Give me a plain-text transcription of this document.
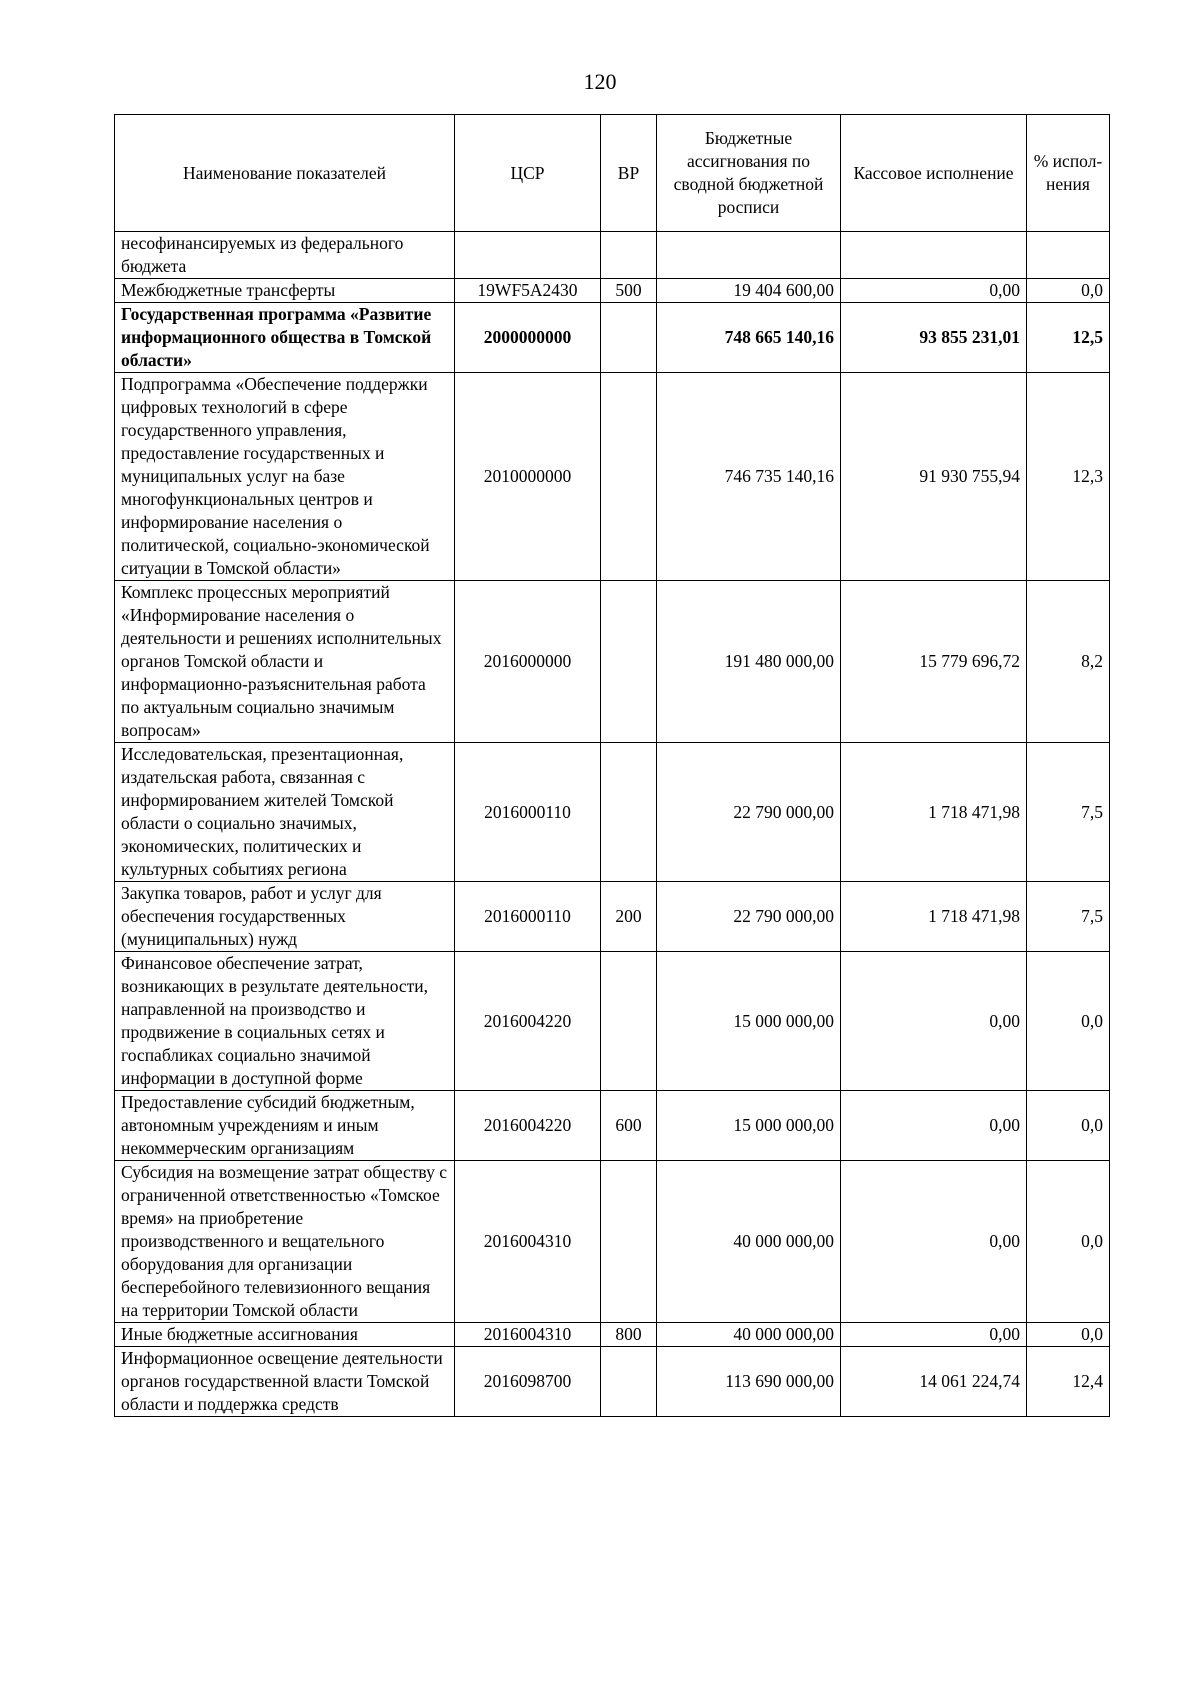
120
Наименование показателей	ЦСР	ВР	Бюджетные ассигнования по сводной бюджетной росписи	Кассовое исполнение	% испол-нения
несофинансируемых из федерального бюджета					
Межбюджетные трансферты	19WF5A2430	500	19 404 600,00	0,00	0,0
Государственная программа «Развитие информационного общества в Томской области»	2000000000		748 665 140,16	93 855 231,01	12,5
Подпрограмма «Обеспечение поддержки цифровых технологий в сфере государственного управления, предоставление государственных и муниципальных услуг на базе многофункциональных центров и информирование населения о политической, социально-экономической ситуации в Томской области»	2010000000		746 735 140,16	91 930 755,94	12,3
Комплекс процессных мероприятий «Информирование населения о деятельности и решениях исполнительных органов Томской области и информационно-разъяснительная работа по актуальным социально значимым вопросам»	2016000000		191 480 000,00	15 779 696,72	8,2
Исследовательская, презентационная, издательская работа, связанная с информированием жителей Томской области о социально значимых, экономических, политических и культурных событиях региона	2016000110		22 790 000,00	1 718 471,98	7,5
Закупка товаров, работ и услуг для обеспечения государственных (муниципальных) нужд	2016000110	200	22 790 000,00	1 718 471,98	7,5
Финансовое обеспечение затрат, возникающих в результате деятельности, направленной на производство и продвижение в социальных сетях и госпабликах социально значимой информации в доступной форме	2016004220		15 000 000,00	0,00	0,0
Предоставление субсидий бюджетным, автономным учреждениям и иным некоммерческим организациям	2016004220	600	15 000 000,00	0,00	0,0
Субсидия на возмещение затрат обществу с ограниченной ответственностью «Томское время» на приобретение производственного и вещательного оборудования для организации бесперебойного телевизионного вещания на территории Томской области	2016004310		40 000 000,00	0,00	0,0
Иные бюджетные ассигнования	2016004310	800	40 000 000,00	0,00	0,0
Информационное освещение деятельности органов государственной власти Томской области и поддержка средств	2016098700		113 690 000,00	14 061 224,74	12,4
